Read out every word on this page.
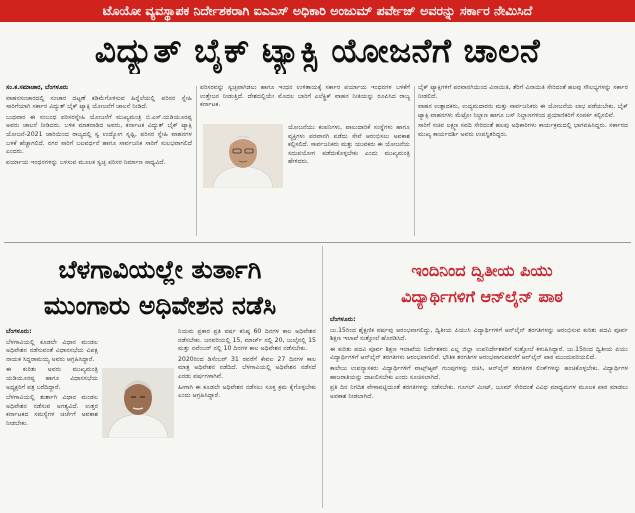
ಟೊಯೋ ವ್ಯವಸ್ಥಾಪಕ ನಿರ್ದೇಶಕರಾಗಿ ಐಎಎಸ್ ಅಧಿಕಾರಿ ಅಂಜುಮ್ ಪರ್ವೇಜ್ ಅವರನ್ನು ಸರ್ಕಾರ ನೇಮಿಸಿದೆ
ವಿದ್ಯುತ್ ಬೈಕ್ ಟ್ಯಾಕ್ಸಿ ಯೋಜನೆಗೆ ಚಾಲನೆ

ಸಂ.ಕ.ಸಮಾಚಾರ, ಬೆಂಗಳೂರು

ವಾಹನಸಂಚಾರದಲ್ಲಿ ಸಂಚಾರ ದಟ್ಟಣೆ ಕಡಿಮೆಗೊಳಿಸುವ ಹಿನ್ನೆಲೆಯಲ್ಲಿ ಪರಿಸರ ಸ್ನೇಹಿ ಸಾರಿಗೆಯಾಗಿ ಸರ್ಕಾರ ವಿದ್ಯುತ್ ಬೈಕ್ ಟ್ಯಾಕ್ಸಿ ಯೋಜನೆಗೆ ಚಾಲನೆ ನೀಡಿದೆ.

ಬುಧವಾರ ಈ ಸಂಬಂಧ ಪರಿಸರಸ್ನೇಹಿ ಯೋಜನೆಗೆ ಮುಖ್ಯಮಂತ್ರಿ ಬಿ.ಎಸ್.ಯಡಿಯೂರಪ್ಪ ಅವರು ಚಾಲನೆ ನೀಡಿದರು. ಬಳಿಕ ಮಾತನಾಡಿದ ಅವರು, ಕರ್ನಾಟಕ ವಿದ್ಯುತ್ ಬೈಕ್ ಟ್ಯಾಕ್ಸಿ ಯೋಜನೆ-2021 ಜಾರಿಯಿಂದ ರಾಜ್ಯದಲ್ಲಿ ಸ್ವ ಉದ್ಯೋಗ ಸೃಷ್ಟಿ, ಪರಿಸರ ಸ್ನೇಹಿ ವಾಹನಗಳ ಬಳಕೆ ಹೆಚ್ಚಾಗಲಿದೆ. ನಗರ ಸಾರಿಗೆ ಬಲವರ್ಧನೆ ಹಾಗೂ ಸಾರ್ವಜನಿಕ ಸಾರಿಗೆ ಸುಲಭವಾಗಲಿದೆ ಎಂದರು.

ಪರ್ಯಾಯ ಇಂಧನಗಳನ್ನು ಬಳಸುವ ಮೂಲಕ ಸ್ವಚ್ಛ ಪರಿಸರ ನಿರ್ಮಾಣ ಸಾಧ್ಯವಿದೆ.

ಪರಿಸರವನ್ನು ಸ್ವಚ್ಛವಾಗಿಡಲು ಹಾಗೂ ಇಂಧನ ಉಳಿತಾಯಕ್ಕೆ ಸರ್ಕಾರ ಪರ್ಯಾಯ ಇಂಧನಗಳ ಬಳಕೆಗೆ ಉತ್ತೇಜನ ನೀಡುತ್ತಿದೆ. ದೇಶದಲ್ಲಿಯೇ ಮೊದಲ ಬಾರಿಗೆ ಎಲೆಕ್ಟ್ರಿಕ್ ವಾಹನ ನೀತಿಯನ್ನು ರೂಪಿಸಿದ ರಾಜ್ಯ ಕರ್ನಾಟಕ.

ಯೋಜನೆಯು ಕಂಪನಿಗಳು, ಪಾಲುದಾರಿಕೆ ಸಂಸ್ಥೆಗಳು ಹಾಗೂ ವ್ಯಕ್ತಿಗಳು ಪರವಾನಗಿ ಪಡೆದು ಸೇವೆ ಆರಂಭಿಸಲು ಅವಕಾಶ ಕಲ್ಪಿಸಲಿದೆ. ಸಾರ್ವಜನಿಕರು ಮತ್ತು ಯುವಕರು ಈ ಯೋಜನೆಯ ಸದುಪಯೋಗ ಪಡೆದುಕೊಳ್ಳಬೇಕು ಎಂದು ಮುಖ್ಯಮಂತ್ರಿ ಹೇಳಿದರು.

ಬೈಕ್ ಟ್ಯಾಕ್ಸಿಗಳಿಗೆ ಪರವಾನಗಿಯಿಂದ ವಿನಾಯಿತಿ, ತೆರಿಗೆ ವಿನಾಯಿತಿ ಸೇರಿದಂತೆ ಹಲವು ಸೌಲಭ್ಯಗಳನ್ನು ಸರ್ಕಾರ ನೀಡಲಿದೆ.

ವಾಹನ ಉತ್ಪಾದಕರು, ಉದ್ಯಮದಾರರು ಮತ್ತು ಸಾರ್ವಜನಿಕರು ಈ ಯೋಜನೆಯ ಲಾಭ ಪಡೆಯಬೇಕು. ಬೈಕ್ ಟ್ಯಾಕ್ಸಿ ವಾಹನಗಳು ಮೆಟ್ರೋ ನಿಲ್ದಾಣ ಹಾಗೂ ಬಸ್ ನಿಲ್ದಾಣಗಳಿಂದ ಪ್ರಯಾಣಿಕರಿಗೆ ಸಂಪರ್ಕ ಕಲ್ಪಿಸಲಿವೆ.

ಸಾರಿಗೆ ಸಚಿವ ಲಕ್ಷ್ಮಣ ಸವದಿ ಸೇರಿದಂತೆ ಹಲವು ಅಧಿಕಾರಿಗಳು ಕಾರ್ಯಕ್ರಮದಲ್ಲಿ ಭಾಗವಹಿಸಿದ್ದರು. ಸರ್ಕಾರದ ಮುಖ್ಯ ಕಾರ್ಯದರ್ಶಿ ಅವರು ಉಪಸ್ಥಿತರಿದ್ದರು.

ಬೆಳಗಾವಿಯಲ್ಲೇ ತುರ್ತಾಗಿ
ಮುಂಗಾರು ಅಧಿವೇಶನ ನಡೆಸಿ

ಬೆಂಗಳೂರು:

ಬೆಳಗಾವಿಯಲ್ಲಿ ಕೂಡಲೇ ವಿಧಾನ ಮಂಡಲ ಅಧಿವೇಶನ ನಡೆಸುವಂತೆ ವಿಧಾನಸಭೆಯ ವಿಪಕ್ಷ ನಾಯಕ ಸಿದ್ದರಾಮಯ್ಯ ಅವರು ಆಗ್ರಹಿಸಿದ್ದಾರೆ.

ಈ ಕುರಿತು ಅವರು ಮುಖ್ಯಮಂತ್ರಿ ಯಡಿಯೂರಪ್ಪ ಹಾಗೂ ವಿಧಾನಸಭೆಯ ಅಧ್ಯಕ್ಷರಿಗೆ ಪತ್ರ ಬರೆದಿದ್ದಾರೆ.

ಬೆಳಗಾವಿಯಲ್ಲಿ ತುರ್ತಾಗಿ ವಿಧಾನ ಮಂಡಲ ಅಧಿವೇಶನ ನಡೆಸುವ ಅಗತ್ಯವಿದೆ. ಉತ್ತರ ಕರ್ನಾಟಕದ ಸಮಸ್ಯೆಗಳ ಚರ್ಚೆಗೆ ಅವಕಾಶ ನೀಡಬೇಕು.

ನಿಯಮ ಪ್ರಕಾರ ಪ್ರತಿ ವರ್ಷ ಕನಿಷ್ಠ 60 ದಿನಗಳ ಕಾಲ ಅಧಿವೇಶನ ನಡೆಸಬೇಕು. ಜನವರಿಯಲ್ಲಿ 15, ಮಾರ್ಚ್ ನಲ್ಲಿ 20, ಜುಲೈನಲ್ಲಿ 15 ಮತ್ತು ನವೆಂಬರ್ ನಲ್ಲಿ 10 ದಿನಗಳ ಕಾಲ ಅಧಿವೇಶನ ನಡೆಸಬೇಕು.

2020ರಿಂದ ಡಿಸೆಂಬರ್ 31 ರವರೆಗೆ ಕೇವಲ 27 ದಿನಗಳ ಕಾಲ ಮಾತ್ರ ಅಧಿವೇಶನ ನಡೆದಿದೆ. ಬೆಳಗಾವಿಯಲ್ಲಿ ಅಧಿವೇಶನ ನಡೆಸದೆ ಎರಡು ವರ್ಷಗಳಾಗಿವೆ.

ಹೀಗಾಗಿ ಈ ಕೂಡಲೇ ಅಧಿವೇಶನ ನಡೆಸಲು ಸೂಕ್ತ ಕ್ರಮ ಕೈಗೊಳ್ಳಬೇಕು ಎಂದು ಆಗ್ರಹಿಸಿದ್ದಾರೆ.

ಇಂದಿನಿಂದ ದ್ವಿತೀಯ ಪಿಯು
ವಿದ್ಯಾರ್ಥಿಗಳಿಗೆ ಆನ್‌ಲೈನ್ ಪಾಠ

ಬೆಂಗಳೂರು:

ಜು.15ರಿಂದ ಶೈಕ್ಷಣಿಕ ವರ್ಷವು ಆರಂಭವಾಗಲಿದ್ದು, ದ್ವಿತೀಯ ಪಿಯುಸಿ ವಿದ್ಯಾರ್ಥಿಗಳಿಗೆ ಆನ್‌ಲೈನ್ ತರಗತಿಗಳನ್ನು ಆರಂಭಿಸುವ ಕುರಿತು ಪದವಿ ಪೂರ್ವ ಶಿಕ್ಷಣ ಇಲಾಖೆ ಸುತ್ತೋಲೆ ಹೊರಡಿಸಿದೆ.

ಈ ಕುರಿತು ಪದವಿ ಪೂರ್ವ ಶಿಕ್ಷಣ ಇಲಾಖೆಯ ನಿರ್ದೇಶಕರು ಎಲ್ಲ ಜಿಲ್ಲಾ ಉಪನಿರ್ದೇಶಕರಿಗೆ ಸುತ್ತೋಲೆ ಕಳುಹಿಸಿದ್ದಾರೆ. ಜು.15ರಿಂದ ದ್ವಿತೀಯ ಪಿಯು ವಿದ್ಯಾರ್ಥಿಗಳಿಗೆ ಆನ್‌ಲೈನ್ ತರಗತಿಗಳು ಆರಂಭವಾಗಲಿವೆ. ಭೌತಿಕ ತರಗತಿಗಳ ಆರಂಭವಾಗುವವರೆಗೆ ಆನ್‌ಲೈನ್ ಪಾಠ ಮುಂದುವರಿಯಲಿದೆ.

ಕಾಲೇಜು ಉಪನ್ಯಾಸಕರು ವಿದ್ಯಾರ್ಥಿಗಳಿಗೆ ವಾಟ್ಸ್‌ಆ್ಯಪ್ ಗುಂಪುಗಳನ್ನು ರಚಿಸಿ, ಆನ್‌ಲೈನ್ ತರಗತಿಗಳ ಲಿಂಕ್‌ಗಳನ್ನು ಹಂಚಿಕೊಳ್ಳಬೇಕು. ವಿದ್ಯಾರ್ಥಿಗಳ ಹಾಜರಾತಿಯನ್ನು ದಾಖಲಿಸಬೇಕು ಎಂದು ಸೂಚಿಸಲಾಗಿದೆ.

ಪ್ರತಿ ದಿನ ನಿಗದಿತ ವೇಳಾಪಟ್ಟಿಯಂತೆ ತರಗತಿಗಳನ್ನು ನಡೆಸಬೇಕು. ಗೂಗಲ್ ಮೀಟ್, ಜೂಮ್ ಸೇರಿದಂತೆ ವಿವಿಧ ಮಾಧ್ಯಮಗಳ ಮೂಲಕ ಪಾಠ ಮಾಡಲು ಅವಕಾಶ ನೀಡಲಾಗಿದೆ.
